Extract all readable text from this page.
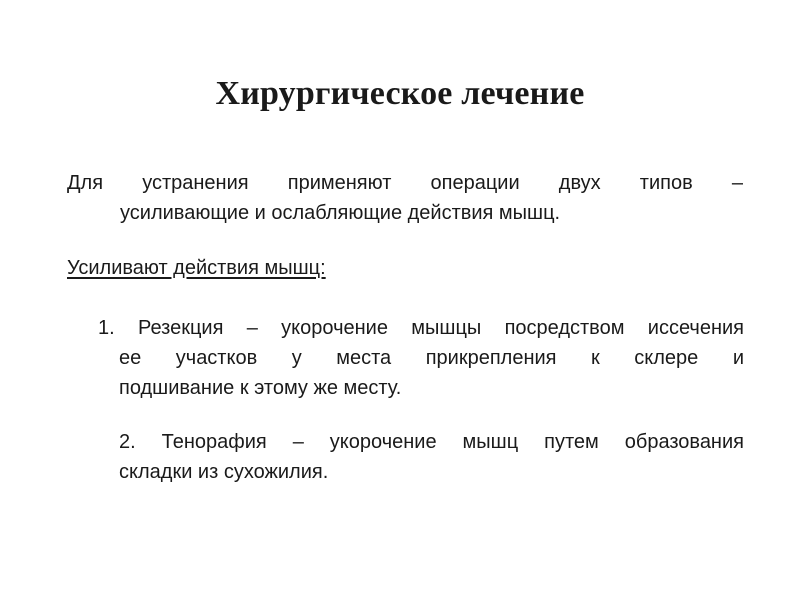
Хирургическое лечение

Для устранения применяют операции двух типов –
усиливающие и ослабляющие действия мышц.

Усиливают действия мышц:

1. Резекция – укорочение мышцы посредством иссечения
ее участков у места прикрепления к склере и
подшивание к этому же месту.
2. Тенорафия – укорочение мышц путем образования
складки из сухожилия.
